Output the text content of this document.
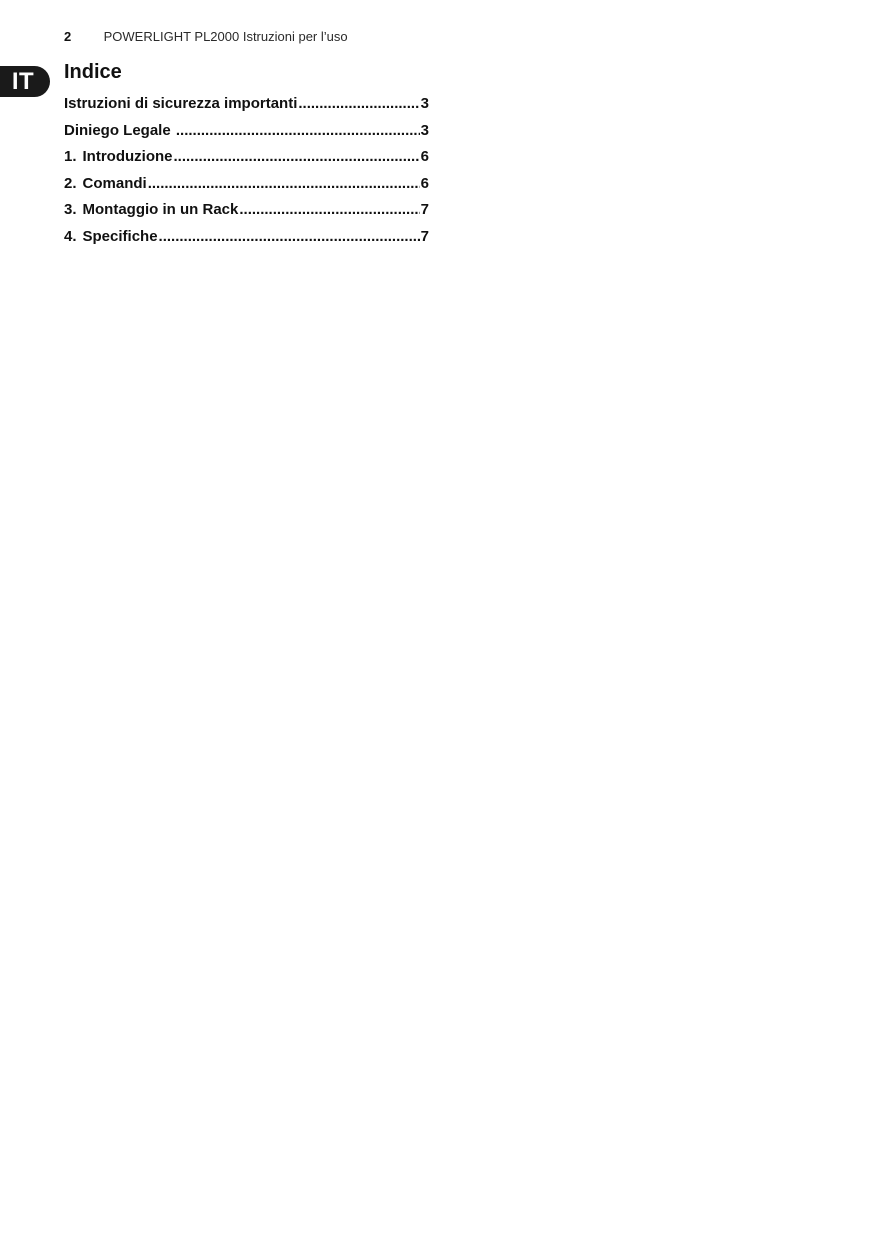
2 POWERLIGHT PL2000 Istruzioni per l’uso
IT	Indice
Istruzioni di sicurezza importanti .....	3
Diniego Legale .....	3
1. Introduzione .....	6
2. Comandi .....	6
3. Montaggio in un Rack .....	7
4. Specifiche .....	7
